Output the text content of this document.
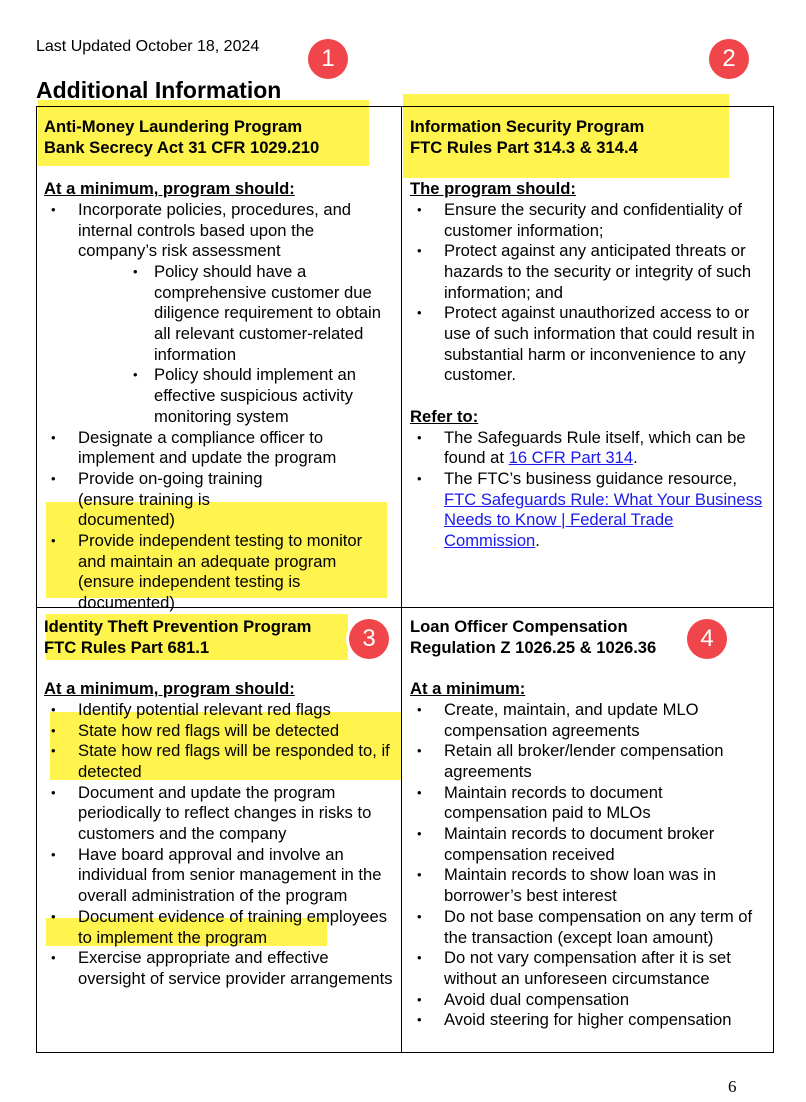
Last Updated October 18, 2024
Additional Information
Anti-Money Laundering Program
Bank Secrecy Act 31 CFR 1029.210
At a minimum, program should:
• Incorporate policies, procedures, and internal controls based upon the company’s risk assessment
• Policy should have a comprehensive customer due diligence requirement to obtain all relevant customer-related information
• Policy should implement an effective suspicious activity monitoring system
• Designate a compliance officer to implement and update the program
• Provide on-going training (ensure training is documented)
• Provide independent testing to monitor and maintain an adequate program (ensure independent testing is documented)
Information Security Program
FTC Rules Part 314.3 & 314.4
The program should:
• Ensure the security and confidentiality of customer information;
• Protect against any anticipated threats or hazards to the security or integrity of such information; and
• Protect against unauthorized access to or use of such information that could result in substantial harm or inconvenience to any customer.
Refer to:
• The Safeguards Rule itself, which can be found at 16 CFR Part 314.
• The FTC’s business guidance resource, FTC Safeguards Rule: What Your Business Needs to Know | Federal Trade Commission.
Identity Theft Prevention Program
FTC Rules Part 681.1
At a minimum, program should:
• Identify potential relevant red flags
• State how red flags will be detected
• State how red flags will be responded to, if detected
• Document and update the program periodically to reflect changes in risks to customers and the company
• Have board approval and involve an individual from senior management in the overall administration of the program
• Document evidence of training employees to implement the program
• Exercise appropriate and effective oversight of service provider arrangements
Loan Officer Compensation
Regulation Z 1026.25 & 1026.36
At a minimum:
• Create, maintain, and update MLO compensation agreements
• Retain all broker/lender compensation agreements
• Maintain records to document compensation paid to MLOs
• Maintain records to document broker compensation received
• Maintain records to show loan was in borrower’s best interest
• Do not base compensation on any term of the transaction (except loan amount)
• Do not vary compensation after it is set without an unforeseen circumstance
• Avoid dual compensation
• Avoid steering for higher compensation
1	2
3	4
6
